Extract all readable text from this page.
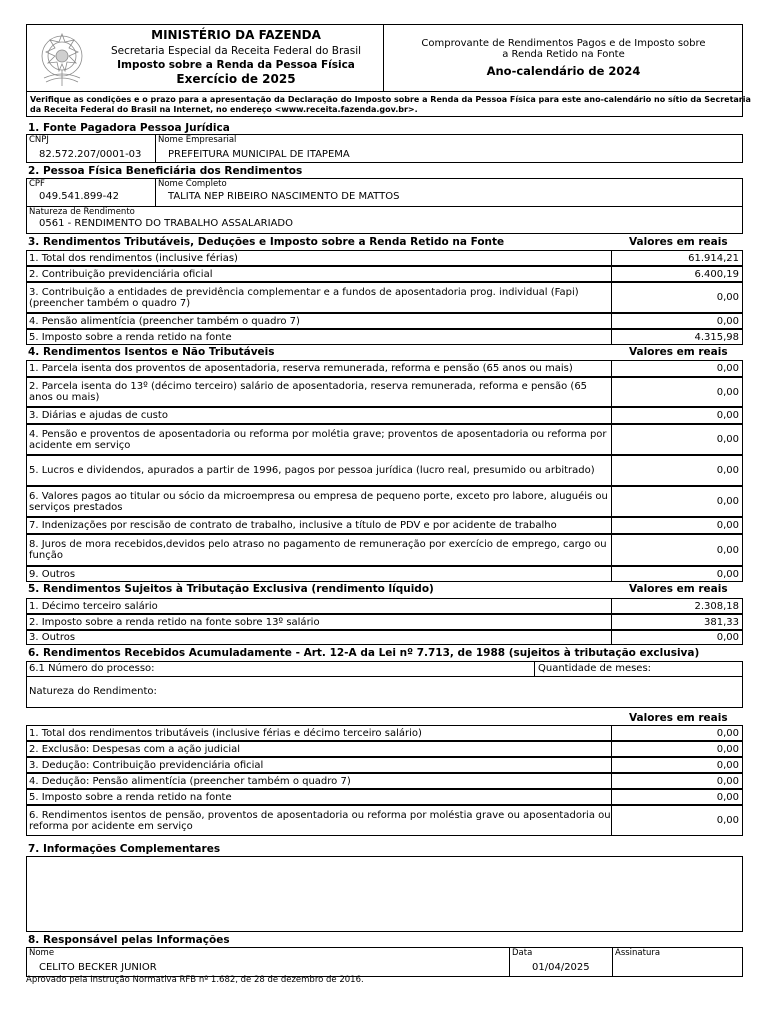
MINISTÉRIO DA FAZENDA
Secretaria Especial da Receita Federal do Brasil
Imposto sobre a Renda da Pessoa Física
Exercício de 2025
Comprovante de Rendimentos Pagos e de Imposto sobre
a Renda Retido na Fonte
Ano-calendário de 2024
Verifique as condições e o prazo para a apresentação da Declaração do Imposto sobre a Renda da Pessoa Física para este ano-calendário no sítio da Secretaria
da Receita Federal do Brasil na Internet, no endereço <www.receita.fazenda.gov.br>.
1. Fonte Pagadora Pessoa Jurídica
CNPJ
82.572.207/0001-03
Nome Empresarial
PREFEITURA MUNICIPAL DE ITAPEMA
2. Pessoa Física Beneficiária dos Rendimentos
CPF
049.541.899-42
Nome Completo
TALITA NEP RIBEIRO NASCIMENTO DE MATTOS
Natureza de Rendimento
0561 - RENDIMENTO DO TRABALHO ASSALARIADO
3. Rendimentos Tributáveis, Deduções e Imposto sobre a Renda Retido na Fonte	Valores em reais
1. Total dos rendimentos (inclusive férias)	61.914,21
2. Contribuição previdenciária oficial	6.400,19
3. Contribuição a entidades de previdência complementar e a fundos de aposentadoria prog. individual (Fapi) (preencher também o quadro 7)	0,00
4. Pensão alimentícia (preencher também o quadro 7)	0,00
5. Imposto sobre a renda retido na fonte	4.315,98
4. Rendimentos Isentos e Não Tributáveis	Valores em reais
1. Parcela isenta dos proventos de aposentadoria, reserva remunerada, reforma e pensão (65 anos ou mais)	0,00
2. Parcela isenta do 13º (décimo terceiro) salário de aposentadoria, reserva remunerada, reforma e pensão (65 anos ou mais)	0,00
3. Diárias e ajudas de custo	0,00
4. Pensão e proventos de aposentadoria ou reforma por molétia grave; proventos de aposentadoria ou reforma por acidente em serviço	0,00
5. Lucros e dividendos, apurados a partir de 1996, pagos por pessoa jurídica (lucro real, presumido ou arbitrado)	0,00
6. Valores pagos ao titular ou sócio da microempresa ou empresa de pequeno porte, exceto pro labore, aluguéis ou serviços prestados	0,00
7. Indenizações por rescisão de contrato de trabalho, inclusive a título de PDV e por acidente de trabalho	0,00
8. Juros de mora recebidos,devidos pelo atraso no pagamento de remuneração por exercício de emprego, cargo ou função	0,00
9. Outros	0,00
5. Rendimentos Sujeitos à Tributação Exclusiva (rendimento líquido)	Valores em reais
1. Décimo terceiro salário	2.308,18
2. Imposto sobre a renda retido na fonte sobre 13º salário	381,33
3. Outros	0,00
6. Rendimentos Recebidos Acumuladamente - Art. 12-A da Lei nº 7.713, de 1988 (sujeitos à tributação exclusiva)
6.1 Número do processo:	Quantidade de meses:
Natureza do Rendimento:
Valores em reais
1. Total dos rendimentos tributáveis (inclusive férias e décimo terceiro salário)	0,00
2. Exclusão: Despesas com a ação judicial	0,00
3. Dedução: Contribuição previdenciária oficial	0,00
4. Dedução: Pensão alimentícia (preencher também o quadro 7)	0,00
5. Imposto sobre a renda retido na fonte	0,00
6. Rendimentos isentos de pensão, proventos de aposentadoria ou reforma por moléstia grave ou aposentadoria ou reforma por acidente em serviço	0,00
7. Informações Complementares
8. Responsável pelas Informações
Nome
CELITO BECKER JUNIOR
Data
01/04/2025
Assinatura
Aprovado pela Instrução Normativa RFB nº 1.682, de 28 de dezembro de 2016.
